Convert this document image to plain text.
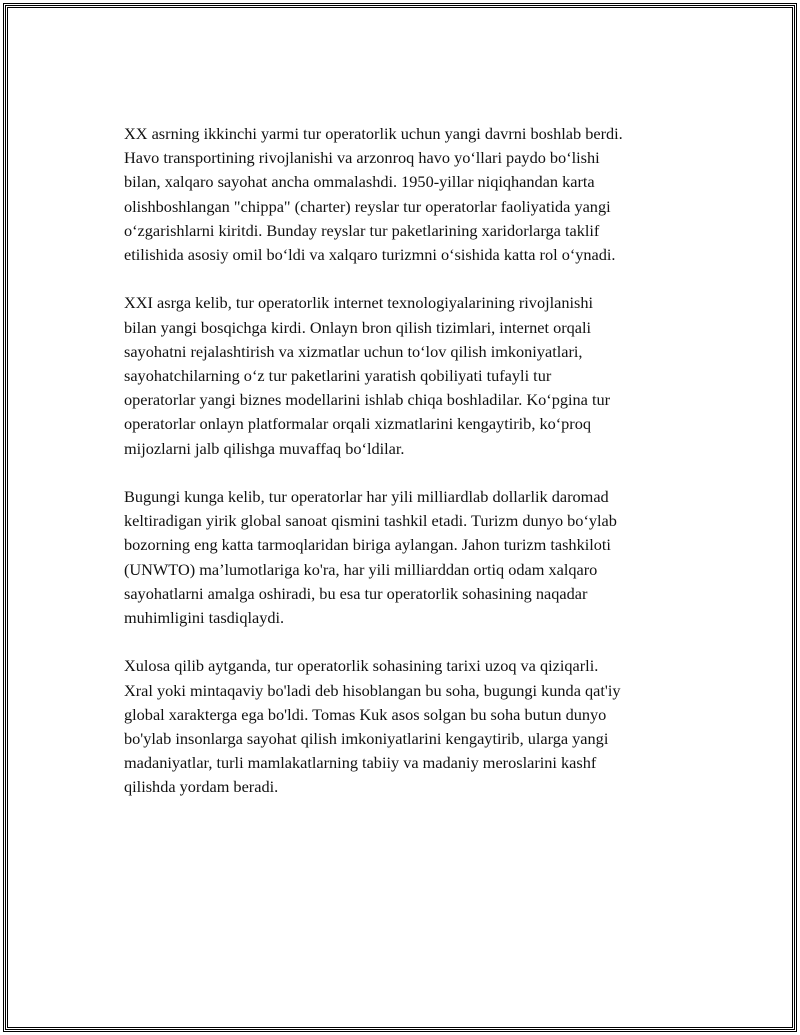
XX asrning ikkinchi yarmi tur operatorlik uchun yangi davrni boshlab berdi.
Havo transportining rivojlanishi va arzonroq havo yo‘llari paydo bo‘lishi
bilan, xalqaro sayohat ancha ommalashdi. 1950-yillar niqiqhandan karta
olishboshlangan "chippa" (charter) reyslar tur operatorlar faoliyatida yangi
o‘zgarishlarni kiritdi. Bunday reyslar tur paketlarining xaridorlarga taklif
etilishida asosiy omil bo‘ldi va xalqaro turizmni o‘sishida katta rol o‘ynadi.

XXI asrga kelib, tur operatorlik internet texnologiyalarining rivojlanishi
bilan yangi bosqichga kirdi. Onlayn bron qilish tizimlari, internet orqali
sayohatni rejalashtirish va xizmatlar uchun to‘lov qilish imkoniyatlari,
sayohatchilarning o‘z tur paketlarini yaratish qobiliyati tufayli tur
operatorlar yangi biznes modellarini ishlab chiqa boshladilar. Ko‘pgina tur
operatorlar onlayn platformalar orqali xizmatlarini kengaytirib, ko‘proq
mijozlarni jalb qilishga muvaffaq bo‘ldilar.

Bugungi kunga kelib, tur operatorlar har yili milliardlab dollarlik daromad
keltiradigan yirik global sanoat qismini tashkil etadi. Turizm dunyo bo‘ylab
bozorning eng katta tarmoqlaridan biriga aylangan. Jahon turizm tashkiloti
(UNWTO) ma’lumotlariga ko'ra, har yili milliarddan ortiq odam xalqaro
sayohatlarni amalga oshiradi, bu esa tur operatorlik sohasining naqadar
muhimligini tasdiqlaydi.

Xulosa qilib aytganda, tur operatorlik sohasining tarixi uzoq va qiziqarli.
Xral yoki mintaqaviy bo'ladi deb hisoblangan bu soha, bugungi kunda qat'iy
global xarakterga ega bo'ldi. Tomas Kuk asos solgan bu soha butun dunyo
bo'ylab insonlarga sayohat qilish imkoniyatlarini kengaytirib, ularga yangi
madaniyatlar, turli mamlakatlarning tabiiy va madaniy meroslarini kashf
qilishda yordam beradi.
